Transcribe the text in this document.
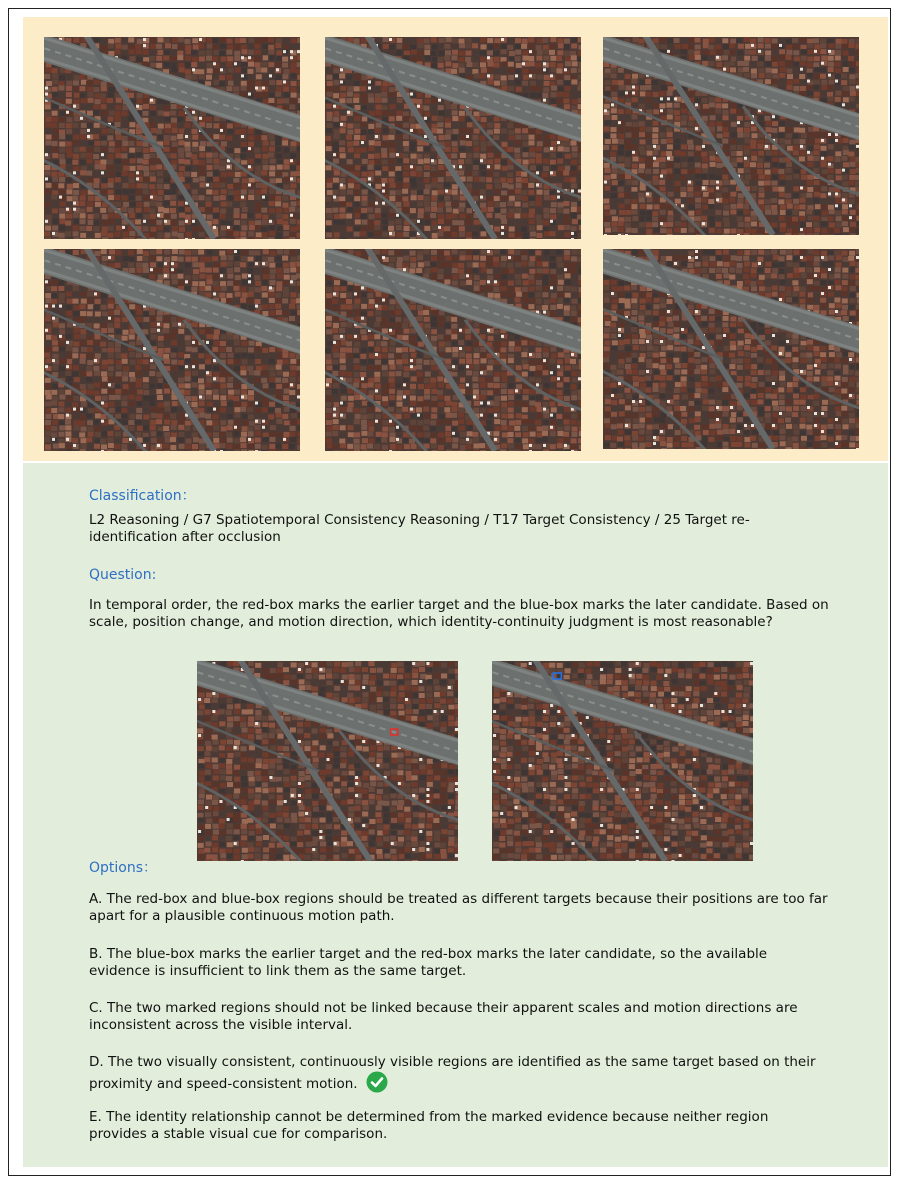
Classification：

L2 Reasoning / G7 Spatiotemporal Consistency Reasoning / T17 Target Consistency / 25 Target re-identification after occlusion

Question:

In temporal order, the red-box marks the earlier target and the blue-box marks the later candidate. Based on scale, position change, and motion direction, which identity-continuity judgment is most reasonable?

Options：

A. The red-box and blue-box regions should be treated as different targets because their positions are too far apart for a plausible continuous motion path.

B. The blue-box marks the earlier target and the red-box marks the later candidate, so the available evidence is insufficient to link them as the same target.

C. The two marked regions should not be linked because their apparent scales and motion directions are inconsistent across the visible interval.

D. The two visually consistent, continuously visible regions are identified as the same target based on their proximity and speed-consistent motion.

E. The identity relationship cannot be determined from the marked evidence because neither region provides a stable visual cue for comparison.
